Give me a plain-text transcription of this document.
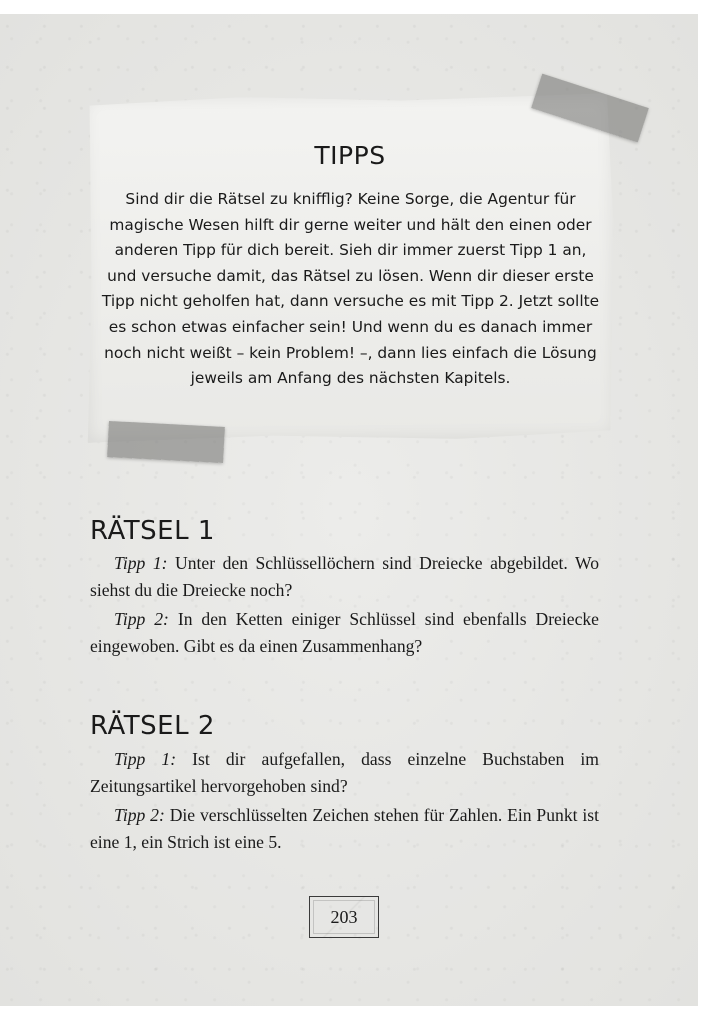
TIPPS

Sind dir die Rätsel zu knifflig? Keine Sorge, die Agentur für magische Wesen hilft dir gerne weiter und hält den einen oder anderen Tipp für dich bereit. Sieh dir immer zuerst Tipp 1 an, und versuche damit, das Rätsel zu lösen. Wenn dir dieser erste Tipp nicht geholfen hat, dann versuche es mit Tipp 2. Jetzt sollte es schon etwas einfacher sein! Und wenn du es danach immer noch nicht weißt – kein Problem! –, dann lies einfach die Lösung jeweils am Anfang des nächsten Kapitels.

RÄTSEL 1

Tipp 1: Unter den Schlüssellöchern sind Dreiecke abgebildet. Wo siehst du die Dreiecke noch?

Tipp 2: In den Ketten einiger Schlüssel sind ebenfalls Dreiecke eingewoben. Gibt es da einen Zusammenhang?

RÄTSEL 2

Tipp 1: Ist dir aufgefallen, dass einzelne Buchstaben im Zeitungsartikel hervorgehoben sind?

Tipp 2: Die verschlüsselten Zeichen stehen für Zahlen. Ein Punkt ist eine 1, ein Strich ist eine 5.

203
